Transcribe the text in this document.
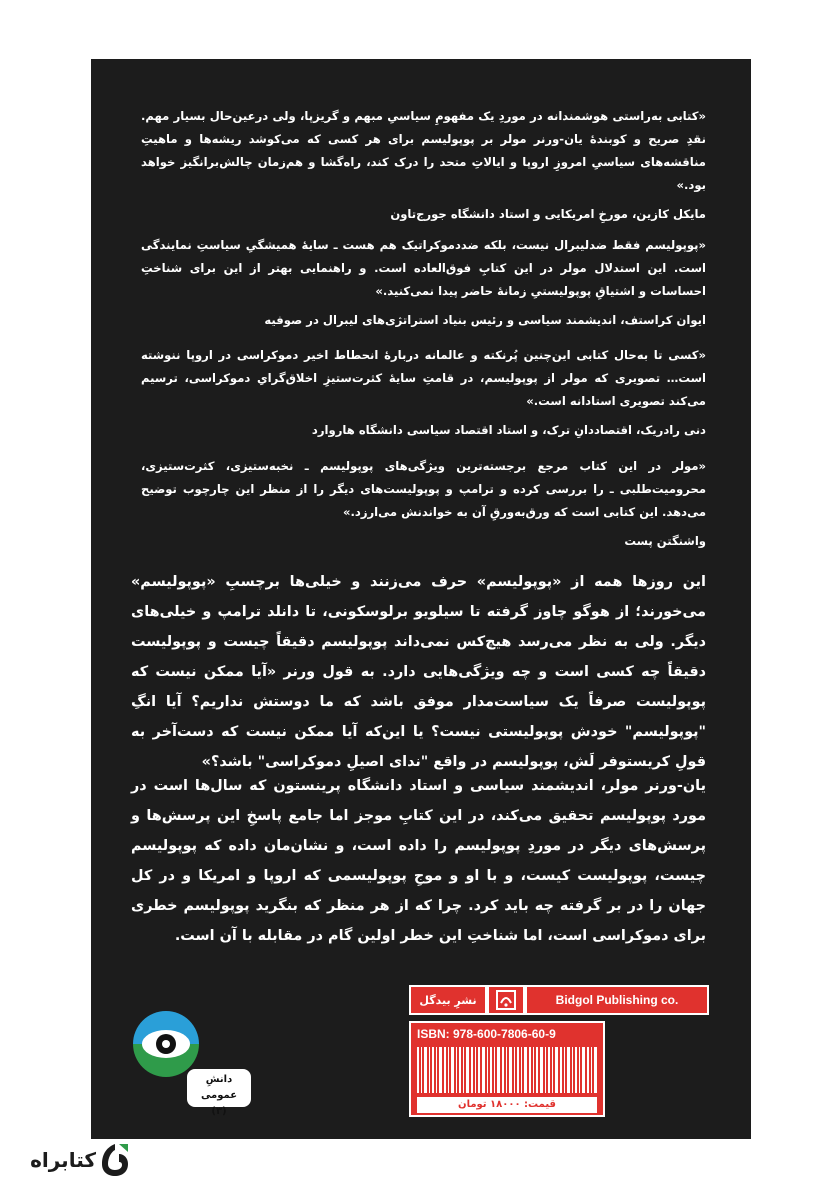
«کتابی به‌راستی هوشمندانه در موردِ یک مفهومِ سیاسیِ مبهم و گریزپا، ولی درعین‌حال بسیار مهم. نقدِ صریح و کوبندهٔ یان-ورنر مولر بر پوپولیسم برای هر کسی که می‌کوشد ریشه‌ها و ماهیتِ مناقشه‌های سیاسیِ امروزِ اروپا و ایالاتِ متحد را درک کند، راه‌گشا و هم‌زمان چالش‌برانگیز خواهد بود.»

مایکل کازین، مورخِ امریکایی و استاد دانشگاه جورج‌تاون

«پوپولیسم فقط ضدلیبرال نیست، بلکه ضددموکراتیک هم هست ـ سایهٔ همیشگیِ سیاستِ نمایندگی است. این استدلال مولر در این کتابِ فوق‌العاده است. و راهنمایی بهتر از این برای شناختِ احساسات و اشتیاقِ پوپولیستیِ زمانهٔ حاضر پیدا نمی‌کنید.»

ایوان کراستف، اندیشمند سیاسی و رئیس بنیاد استراتژی‌های لیبرال در صوفیه

«کسی تا به‌حال کتابی این‌چنین پُرنکته و عالمانه دربارهٔ انحطاط اخیر دموکراسی در اروپا ننوشته است… تصویری که مولر از پوپولیسم، در قامتِ سایهٔ کثرت‌ستیزِ اخلاق‌گرایِ دموکراسی، ترسیم می‌کند تصویری استادانه است.»

دنی رادریک، اقتصاددانِ ترک، و استاد اقتصاد سیاسی دانشگاه هاروارد

«مولر در این کتاب مرجع برجسته‌ترین ویژگی‌های پوپولیسم ـ نخبه‌ستیزی، کثرت‌ستیزی، محرومیت‌طلبی ـ را بررسی کرده و ترامپ و پوپولیست‌های دیگر را از منظر این چارچوب توضیح می‌دهد. این کتابی است که ورق‌به‌ورقِ آن به خواندنش می‌ارزد.»

واشنگتن پست

این روزها همه از «پوپولیسم» حرف می‌زنند و خیلی‌ها برچسبِ «پوپولیسم» می‌خورند؛ از هوگو چاوز گرفته تا سیلویو برلوسکونی، تا دانلد ترامپ و خیلی‌های دیگر. ولی به نظر می‌رسد هیچ‌کس نمی‌داند پوپولیسم دقیقاً چیست و پوپولیست دقیقاً چه کسی است و چه ویژگی‌هایی دارد. به قول ورنر «آیا ممکن نیست که پوپولیست صرفاً یک سیاست‌مدار موفق باشد که ما دوستش نداریم؟ آیا انگِ "پوپولیسم" خودش پوپولیستی نیست؟ یا این‌که آیا ممکن نیست که دست‌آخر به قولِ کریستوفر لَش، پوپولیسم در واقع "ندای اصیلِ دموکراسی" باشد؟»

یان-ورنر مولر، اندیشمند سیاسی و استاد دانشگاه پرینستون که سال‌ها است در مورد پوپولیسم تحقیق می‌کند، در این کتابِ موجز اما جامع پاسخِ این پرسش‌ها و پرسش‌های دیگر در موردِ پوپولیسم را داده است، و نشان‌مان داده که پوپولیسم چیست، پوپولیست کیست، و با او و موجِ پوپولیسمی که اروپا و امریکا و در کل جهان را در بر گرفته چه باید کرد. چرا که از هر منظر که بنگرید پوپولیسم خطری برای دموکراسی است، اما شناختِ این خطر اولین گام در مقابله با آن است.

دانشِ عمومی
(۳)
نشرِ بیدگل	Bidgol Publishing co.
ISBN: 978-600-7806-60-9
قیمت: ۱۸۰۰۰ تومان
کتابراه
